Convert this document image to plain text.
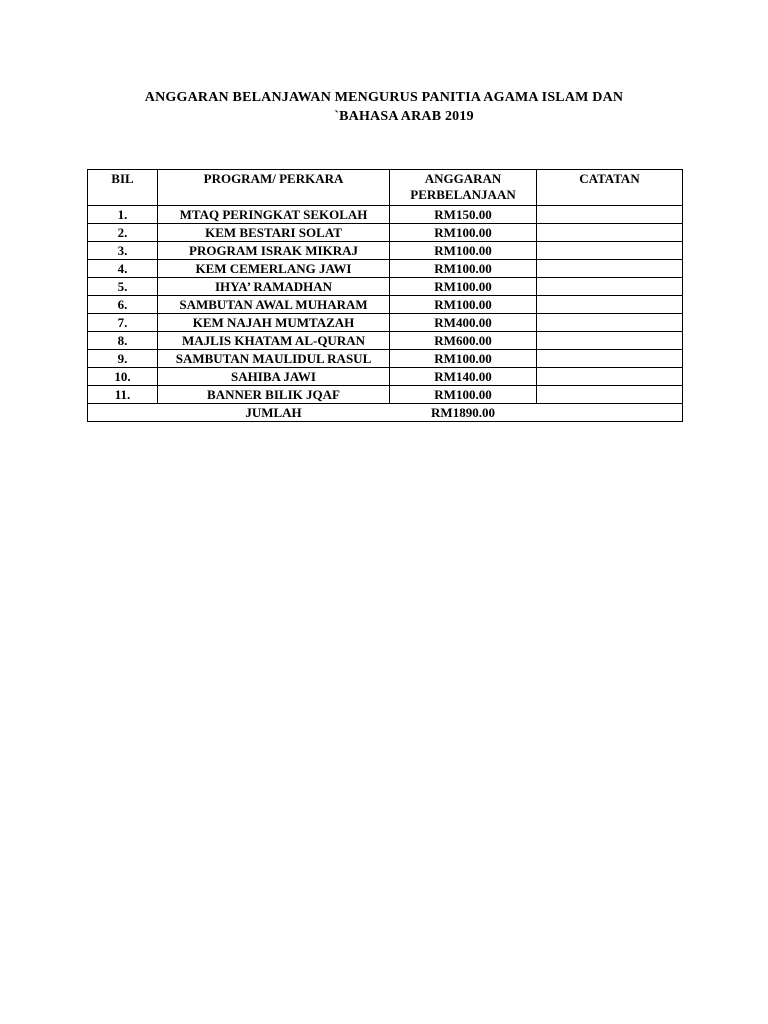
ANGGARAN BELANJAWAN MENGURUS PANITIA AGAMA ISLAM DAN
`BAHASA ARAB 2019
BIL	PROGRAM/ PERKARA	ANGGARAN PERBELANJAAN	CATATAN
1.	MTAQ PERINGKAT SEKOLAH	RM150.00	
2.	KEM BESTARI SOLAT	RM100.00	
3.	PROGRAM ISRAK MIKRAJ	RM100.00	
4.	KEM CEMERLANG JAWI	RM100.00	
5.	IHYA’ RAMADHAN	RM100.00	
6.	SAMBUTAN AWAL MUHARAM	RM100.00	
7.	KEM NAJAH MUMTAZAH	RM400.00	
8.	MAJLIS KHATAM AL-QURAN	RM600.00	
9.	SAMBUTAN MAULIDUL RASUL	RM100.00	
10.	SAHIBA JAWI	RM140.00	
11.	BANNER BILIK JQAF	RM100.00	
	JUMLAH	RM1890.00	
